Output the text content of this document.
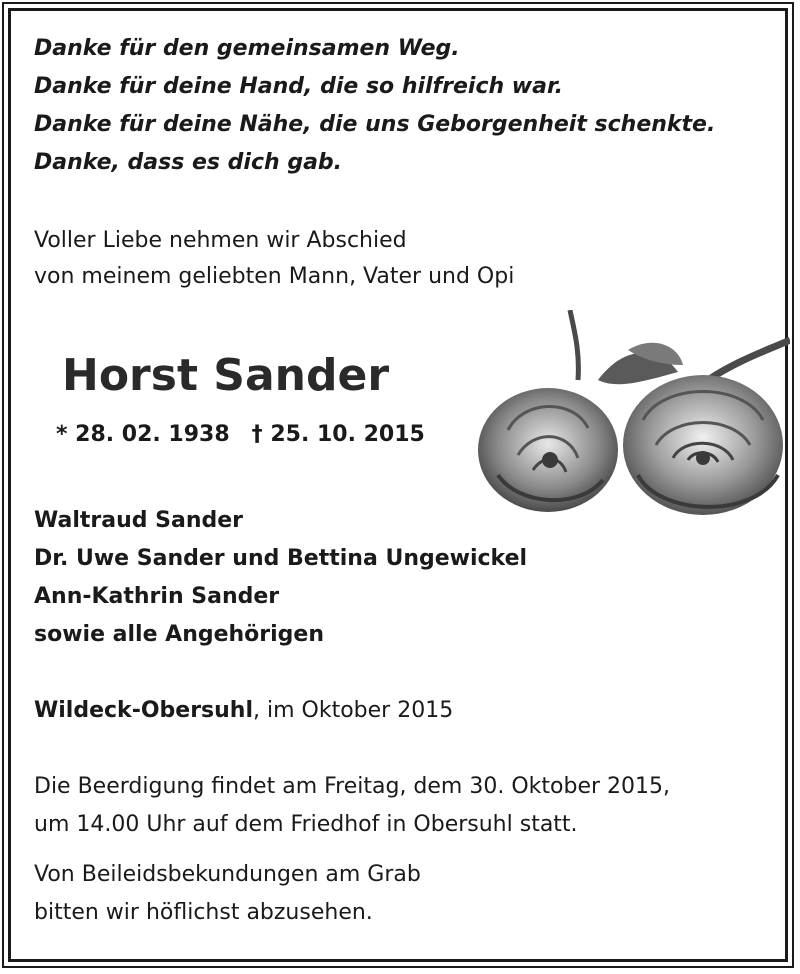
Danke für den gemeinsamen Weg.
Danke für deine Hand, die so hilfreich war.
Danke für deine Nähe, die uns Geborgenheit schenkte.
Danke, dass es dich gab.
Voller Liebe nehmen wir Abschied
von meinem geliebten Mann, Vater und Opi
Horst Sander
* 28. 02. 1938 † 25. 10. 2015
Waltraud Sander
Dr. Uwe Sander und Bettina Ungewickel
Ann-Kathrin Sander
sowie alle Angehörigen
Wildeck-Obersuhl, im Oktober 2015
Die Beerdigung findet am Freitag, dem 30. Oktober 2015,
um 14.00 Uhr auf dem Friedhof in Obersuhl statt.
Von Beileidsbekundungen am Grab
bitten wir höflichst abzusehen.
